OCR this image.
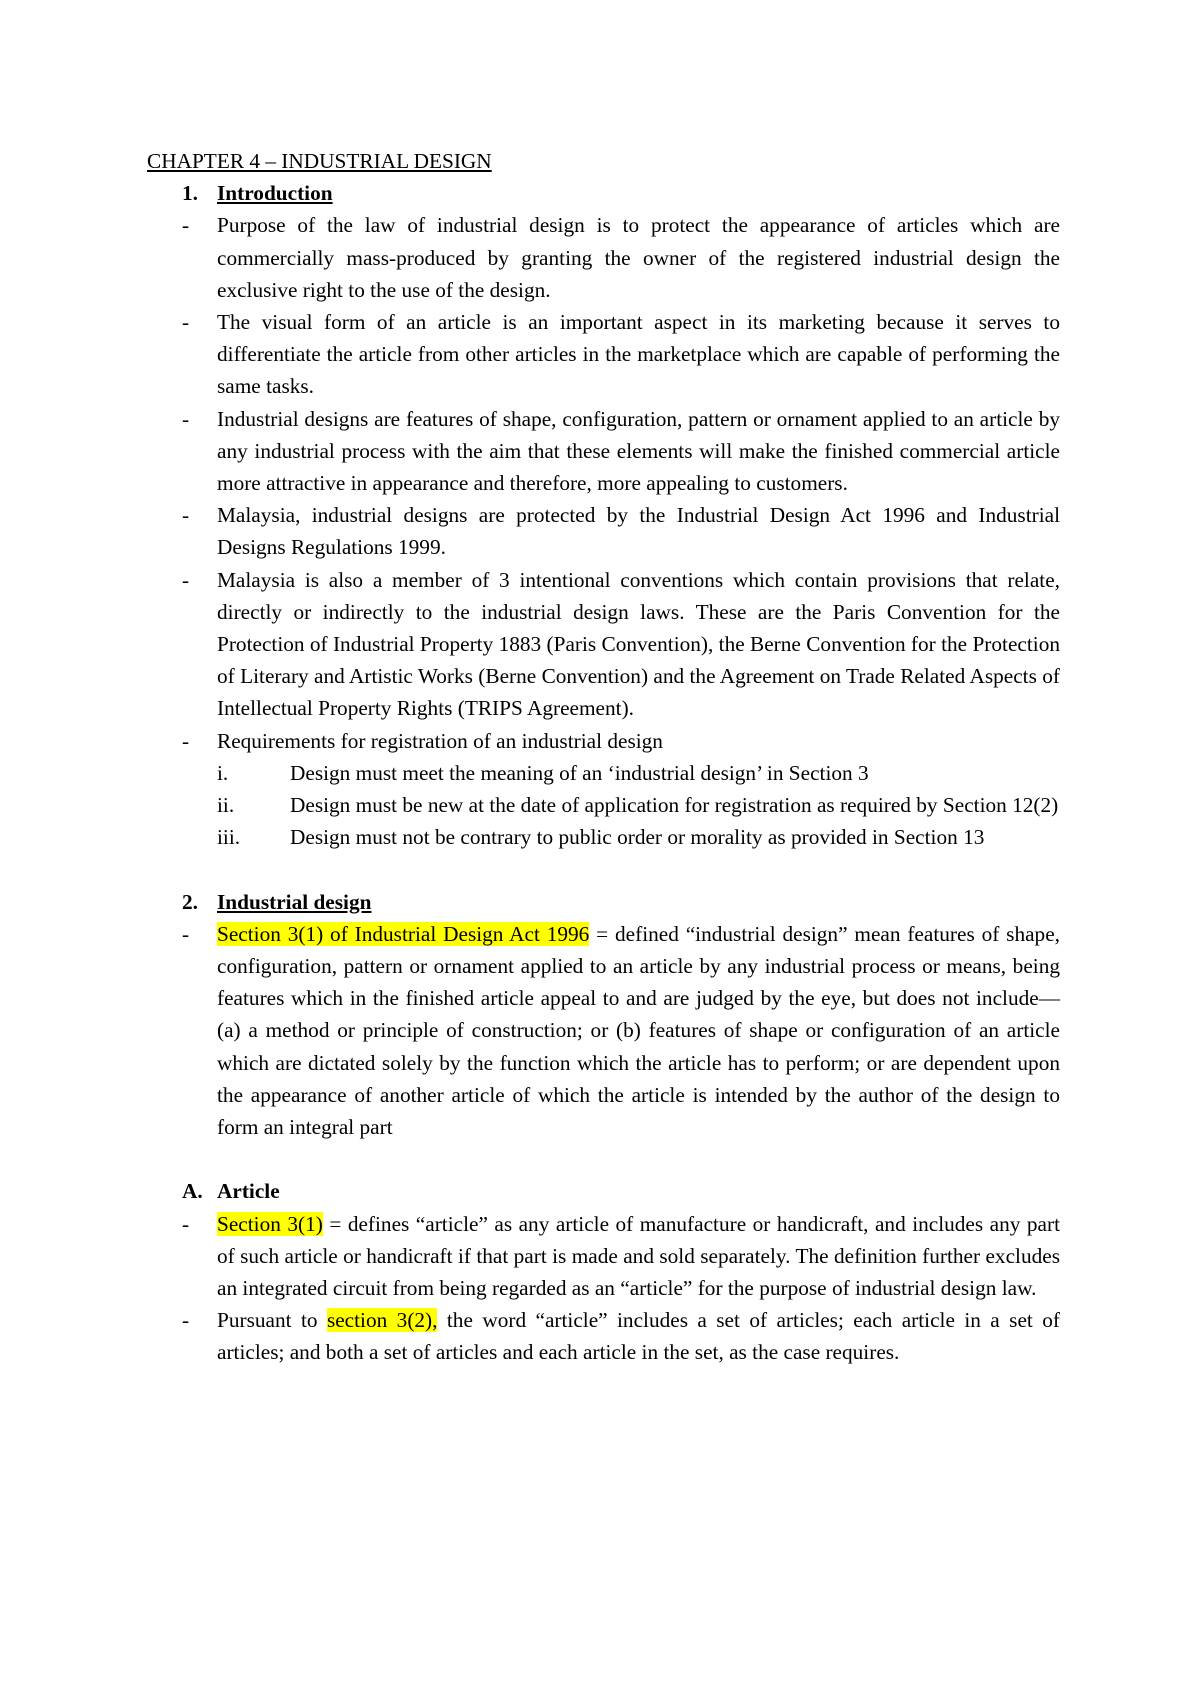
CHAPTER 4 – INDUSTRIAL DESIGN

1. Introduction

- Purpose of the law of industrial design is to protect the appearance of articles which are commercially mass-produced by granting the owner of the registered industrial design the exclusive right to the use of the design.
- The visual form of an article is an important aspect in its marketing because it serves to differentiate the article from other articles in the marketplace which are capable of performing the same tasks.
- Industrial designs are features of shape, configuration, pattern or ornament applied to an article by any industrial process with the aim that these elements will make the finished commercial article more attractive in appearance and therefore, more appealing to customers.
- Malaysia, industrial designs are protected by the Industrial Design Act 1996 and Industrial Designs Regulations 1999.
- Malaysia is also a member of 3 intentional conventions which contain provisions that relate, directly or indirectly to the industrial design laws. These are the Paris Convention for the Protection of Industrial Property 1883 (Paris Convention), the Berne Convention for the Protection of Literary and Artistic Works (Berne Convention) and the Agreement on Trade Related Aspects of Intellectual Property Rights (TRIPS Agreement).
- Requirements for registration of an industrial design
i.	Design must meet the meaning of an ‘industrial design’ in Section 3
ii.	Design must be new at the date of application for registration as required by Section 12(2)
iii. Design must not be contrary to public order or morality as provided in Section 13

2. Industrial design

- Section 3(1) of Industrial Design Act 1996 = defined “industrial design” mean features of shape, configuration, pattern or ornament applied to an article by any industrial process or means, being features which in the finished article appeal to and are judged by the eye, but does not include— (a) a method or principle of construction; or (b) features of shape or configuration of an article which are dictated solely by the function which the article has to perform; or are dependent upon the appearance of another article of which the article is intended by the author of the design to form an integral part

A. Article

- Section 3(1) = defines “article” as any article of manufacture or handicraft, and includes any part of such article or handicraft if that part is made and sold separately. The definition further excludes an integrated circuit from being regarded as an “article” for the purpose of industrial design law.
- Pursuant to section 3(2), the word “article” includes a set of articles; each article in a set of articles; and both a set of articles and each article in the set, as the case requires.
